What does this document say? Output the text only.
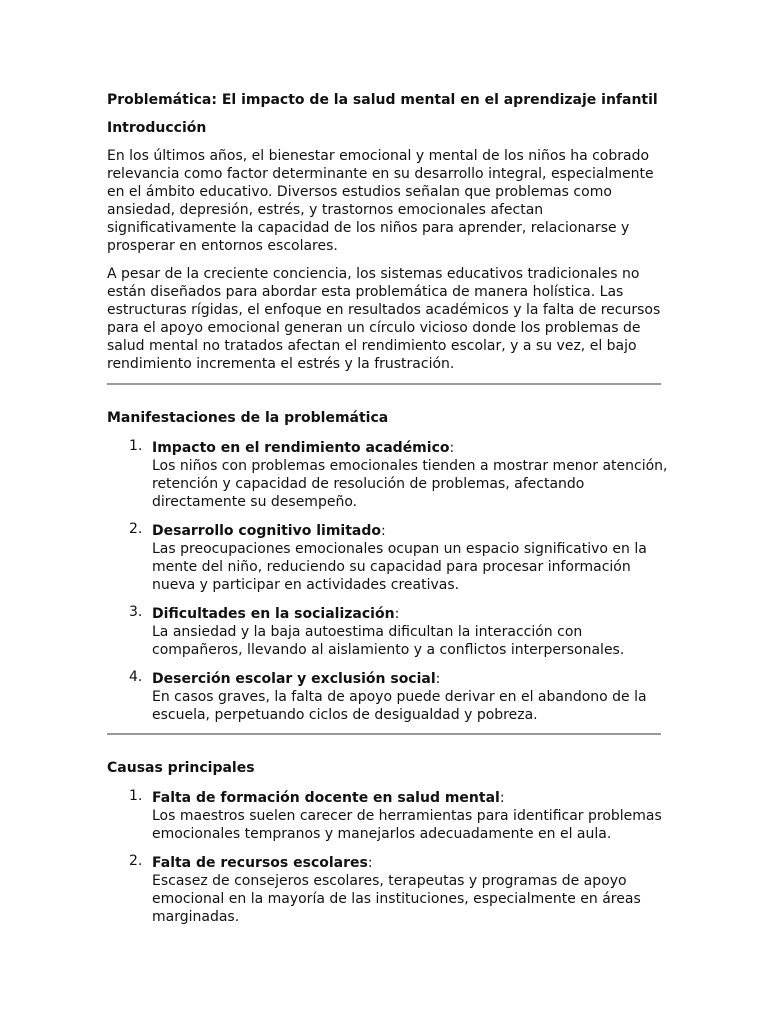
Problemática: El impacto de la salud mental en el aprendizaje infantil
Introducción

En los últimos años, el bienestar emocional y mental de los niños ha cobrado relevancia como factor determinante en su desarrollo integral, especialmente en el ámbito educativo. Diversos estudios señalan que problemas como ansiedad, depresión, estrés, y trastornos emocionales afectan significativamente la capacidad de los niños para aprender, relacionarse y prosperar en entornos escolares.

A pesar de la creciente conciencia, los sistemas educativos tradicionales no están diseñados para abordar esta problemática de manera holística. Las estructuras rígidas, el enfoque en resultados académicos y la falta de recursos para el apoyo emocional generan un círculo vicioso donde los problemas de salud mental no tratados afectan el rendimiento escolar, y a su vez, el bajo rendimiento incrementa el estrés y la frustración.

Manifestaciones de la problemática
1. Impacto en el rendimiento académico:
Los niños con problemas emocionales tienden a mostrar menor atención, retención y capacidad de resolución de problemas, afectando directamente su desempeño.
2. Desarrollo cognitivo limitado:
Las preocupaciones emocionales ocupan un espacio significativo en la mente del niño, reduciendo su capacidad para procesar información nueva y participar en actividades creativas.
3. Dificultades en la socialización:
La ansiedad y la baja autoestima dificultan la interacción con compañeros, llevando al aislamiento y a conflictos interpersonales.
4. Deserción escolar y exclusión social:
En casos graves, la falta de apoyo puede derivar en el abandono de la escuela, perpetuando ciclos de desigualdad y pobreza.
Causas principales
1. Falta de formación docente en salud mental:
Los maestros suelen carecer de herramientas para identificar problemas emocionales tempranos y manejarlos adecuadamente en el aula.
2. Falta de recursos escolares:
Escasez de consejeros escolares, terapeutas y programas de apoyo emocional en la mayoría de las instituciones, especialmente en áreas marginadas.
